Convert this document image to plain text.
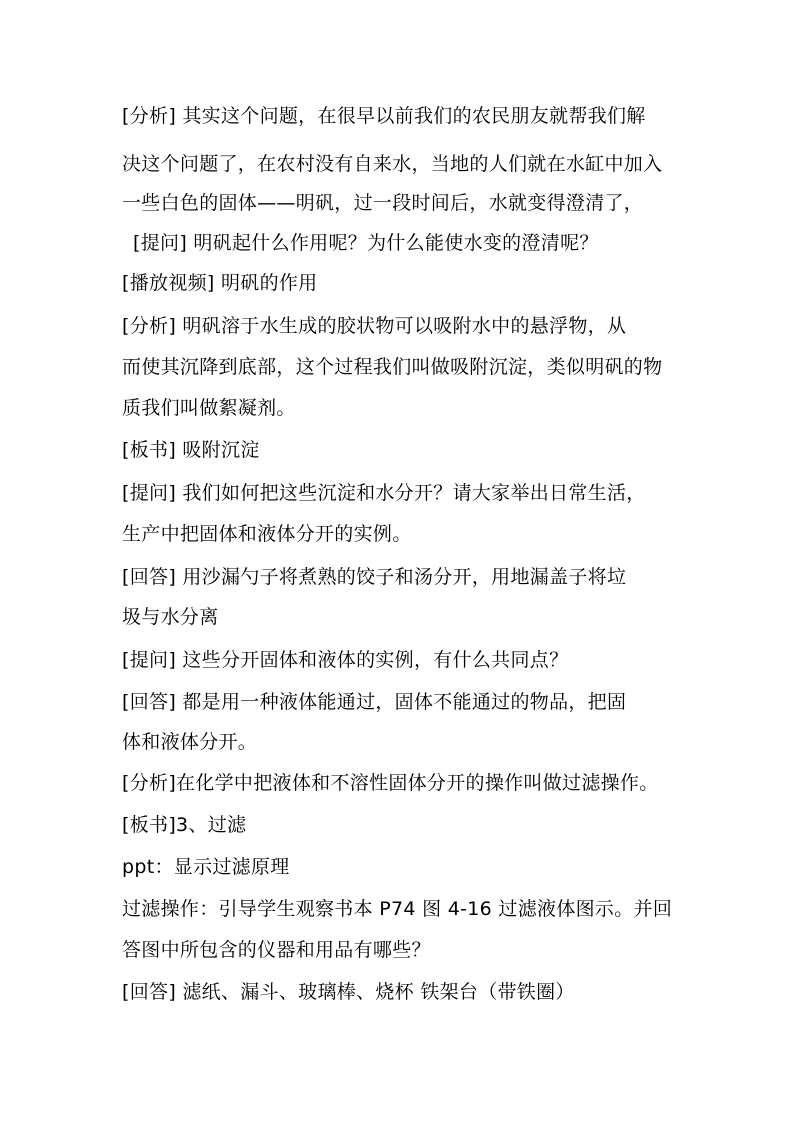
[分析] 其实这个问题，在很早以前我们的农民朋友就帮我们解
决这个问题了，在农村没有自来水，当地的人们就在水缸中加入
一些白色的固体——明矾，过一段时间后，水就变得澄清了，
[提问] 明矾起什么作用呢？为什么能使水变的澄清呢？
[播放视频] 明矾的作用
[分析] 明矾溶于水生成的胶状物可以吸附水中的悬浮物，从
而使其沉降到底部，这个过程我们叫做吸附沉淀，类似明矾的物
质我们叫做絮凝剂。
[板书] 吸附沉淀
[提问] 我们如何把这些沉淀和水分开？请大家举出日常生活，
生产中把固体和液体分开的实例。
[回答] 用沙漏勺子将煮熟的饺子和汤分开，用地漏盖子将垃
圾与水分离
[提问] 这些分开固体和液体的实例，有什么共同点？
[回答] 都是用一种液体能通过，固体不能通过的物品，把固
体和液体分开。
[分析]在化学中把液体和不溶性固体分开的操作叫做过滤操作。
[板书]3、过滤
ppt：显示过滤原理
过滤操作：引导学生观察书本 P74 图 4-16 过滤液体图示。并回
答图中所包含的仪器和用品有哪些？
[回答] 滤纸、漏斗、玻璃棒、烧杯 铁架台（带铁圈）
